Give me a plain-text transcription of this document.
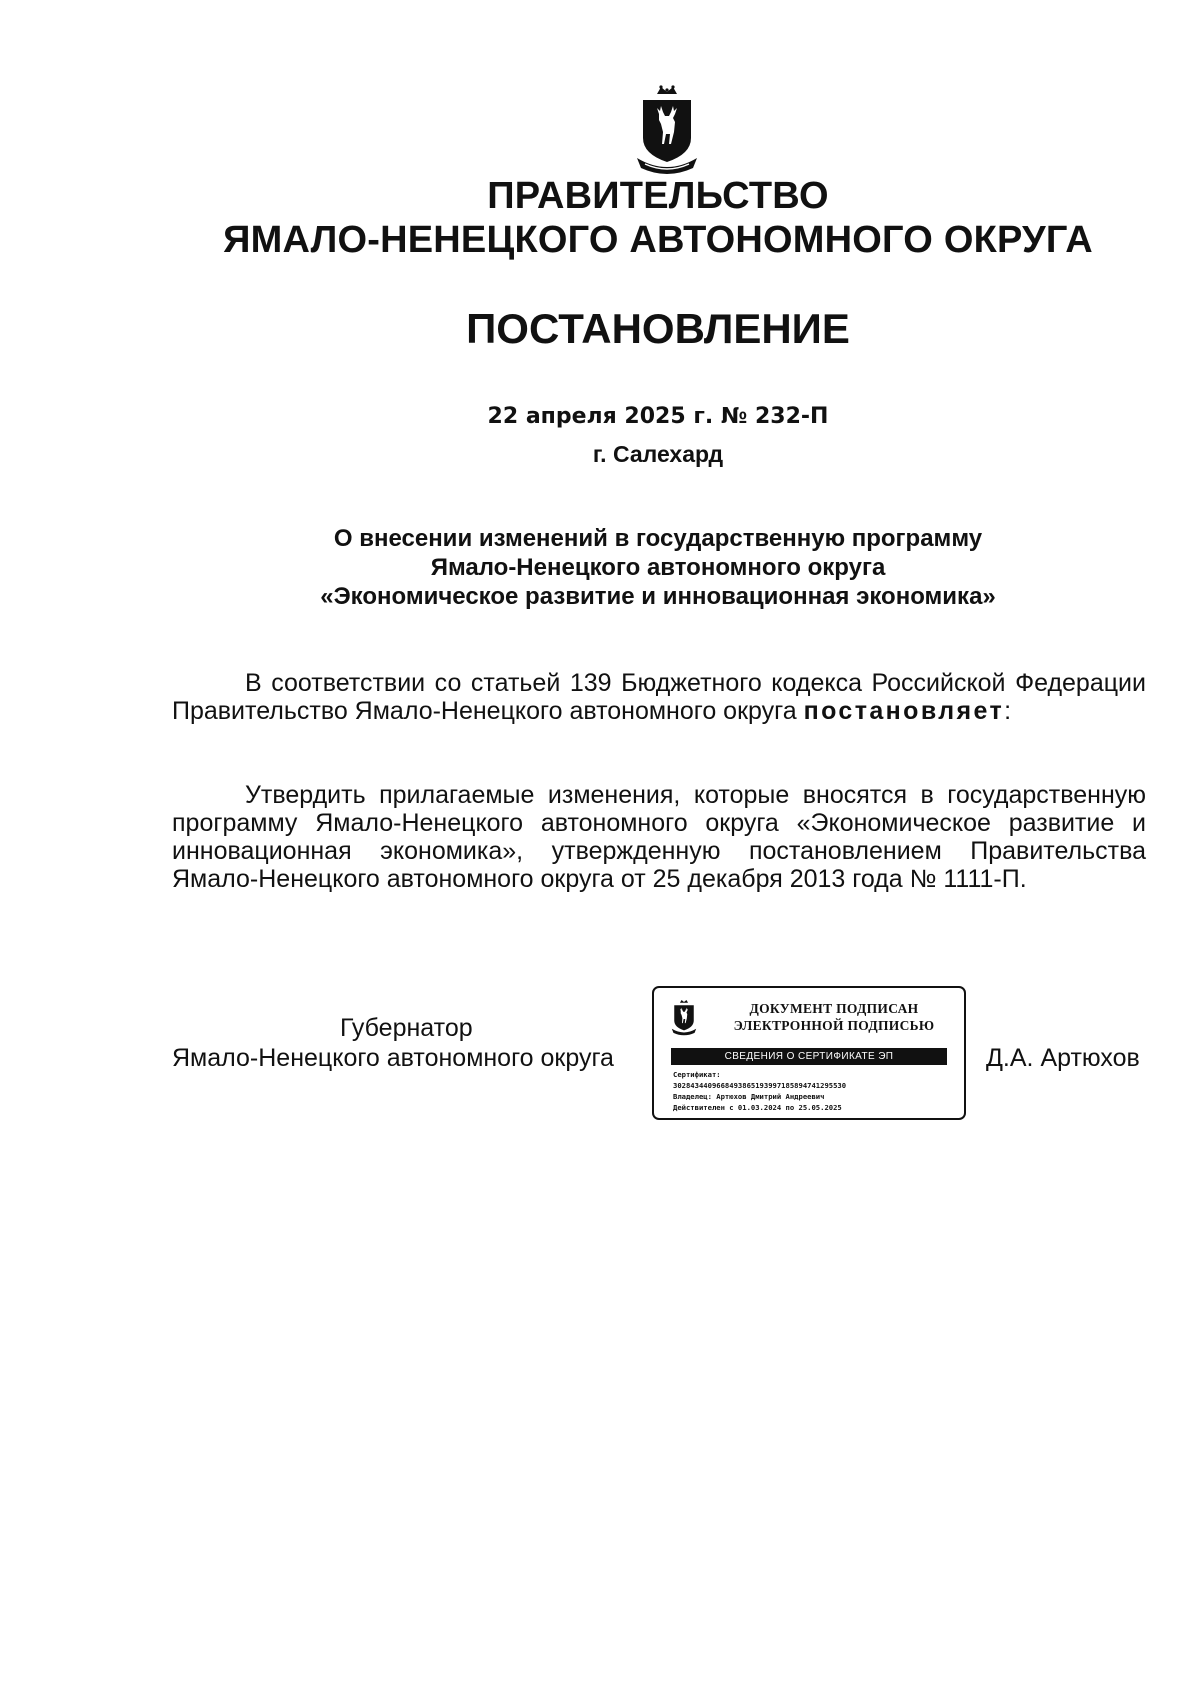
ПРАВИТЕЛЬСТВО
ЯМАЛО-НЕНЕЦКОГО АВТОНОМНОГО ОКРУГА
ПОСТАНОВЛЕНИЕ
22 апреля 2025 г. № 232-П
г. Салехард
О внесении изменений в государственную программу
Ямало-Ненецкого автономного округа
«Экономическое развитие и инновационная экономика»
В соответствии со статьей 139 Бюджетного кодекса Российской Федерации Правительство Ямало-Ненецкого автономного округа постановляет:
Утвердить прилагаемые изменения, которые вносятся в государственную программу Ямало-Ненецкого автономного округа «Экономическое развитие и инновационная экономика», утвержденную постановлением Правительства Ямало-Ненецкого автономного округа от 25 декабря 2013 года № 1111-П.
Губернатор
Ямало-Ненецкого автономного округа
ДОКУМЕНТ ПОДПИСАН
ЭЛЕКТРОННОЙ ПОДПИСЬЮ
СВЕДЕНИЯ О СЕРТИФИКАТЕ ЭП
Сертификат:
3028434409668493865193997185894741295530
Владелец: Артюхов Дмитрий Андреевич
Действителен с 01.03.2024 по 25.05.2025
Д.А. Артюхов
